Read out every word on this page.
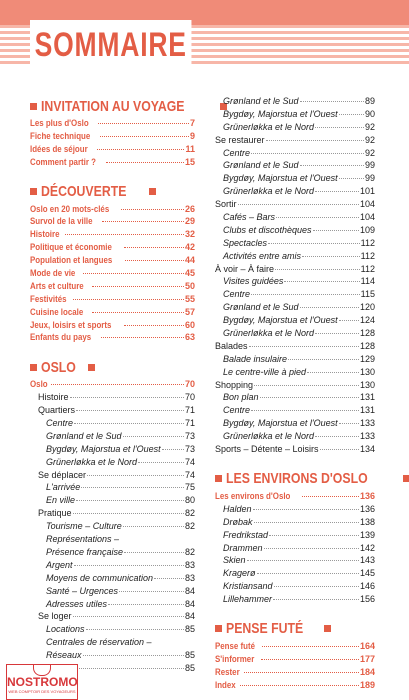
SOMMAIRE
INVITATION AU VOYAGE
Les plus d'Oslo	7
Fiche technique	9
Idées de séjour	11
Comment partir ?	15
DÉCOUVERTE
Oslo en 20 mots-clés	26
Survol de la ville	29
Histoire	32
Politique et économie	42
Population et langues	44
Mode de vie	45
Arts et culture	50
Festivités	55
Cuisine locale	57
Jeux, loisirs et sports	60
Enfants du pays	63
OSLO
Oslo	70
Histoire	70
Quartiers	71
Centre	71
Grønland et le Sud	73
Bygdøy, Majorstua et l'Ouest	73
Grünerløkka et le Nord	74
Se déplacer	74
L'arrivée	75
En ville	80
Pratique	82
Tourisme – Culture	82
Représentations –
Présence française	82
Argent	83
Moyens de communication	83
Santé – Urgences	84
Adresses utiles	84
Se loger	84
Locations	85
Centrales de réservation –
Réseaux	85
85
Grønland et le Sud	89
Bygdøy, Majorstua et l'Ouest	90
Grünerløkka et le Nord	92
Se restaurer	92
Centre	92
Grønland et le Sud	99
Bygdøy, Majorstua et l'Ouest	99
Grünerløkka et le Nord	101
Sortir	104
Cafés – Bars	104
Clubs et discothèques	109
Spectacles	112
Activités entre amis	112
À voir – À faire	112
Visites guidées	114
Centre	115
Grønland et le Sud	120
Bygdøy, Majorstua et l'Ouest 124
Grünerløkka et le Nord	128
Balades	128
Balade insulaire	129
Le centre-ville à pied	130
Shopping	130
Bon plan	131
Centre	131
Bygdøy, Majorstua et l'Ouest 133
Grünerløkka et le Nord	133
Sports – Détente – Loisirs	134
LES ENVIRONS D'OSLO
Les environs d'Oslo	136
Halden	136
Drøbak	138
Fredrikstad	139
Drammen	142
Skien	143
Kragerø	145
Kristiansand	146
Lillehammer	156
PENSE FUTÉ
Pense futé	164
S'informer	177
Rester	184
Index	189
NOSTROMO
WEB COMPTOIR DES VOYAGEURS
